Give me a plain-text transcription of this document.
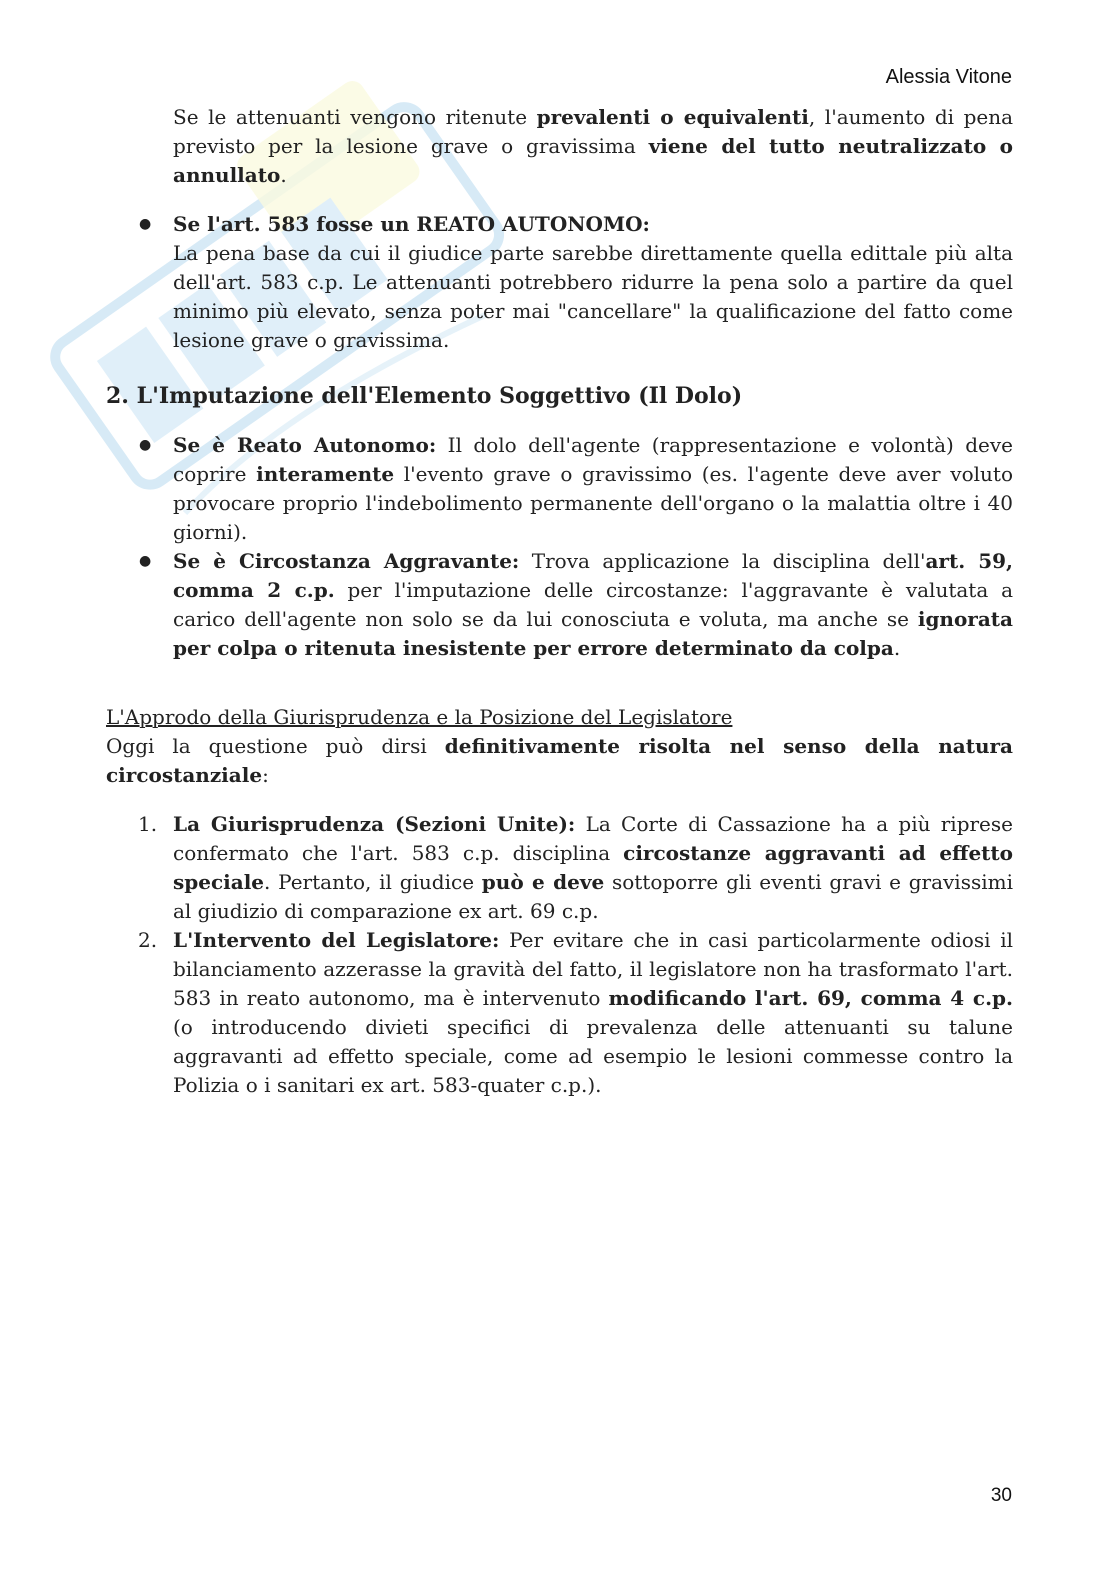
Alessia Vitone

Se le attenuanti vengono ritenute prevalenti o equivalenti, l'aumento di pena previsto per la lesione grave o gravissima viene del tutto neutralizzato o annullato.

● Se l'art. 583 fosse un REATO AUTONOMO:
La pena base da cui il giudice parte sarebbe direttamente quella edittale più alta dell'art. 583 c.p. Le attenuanti potrebbero ridurre la pena solo a partire da quel minimo più elevato, senza poter mai "cancellare" la qualificazione del fatto come lesione grave o gravissima.
2. L'Imputazione dell'Elemento Soggettivo (Il Dolo)
● Se è Reato Autonomo: Il dolo dell'agente (rappresentazione e volontà) deve coprire interamente l'evento grave o gravissimo (es. l'agente deve aver voluto provocare proprio l'indebolimento permanente dell'organo o la malattia oltre i 40 giorni).
● Se è Circostanza Aggravante: Trova applicazione la disciplina dell'art. 59, comma 2 c.p. per l'imputazione delle circostanze: l'aggravante è valutata a carico dell'agente non solo se da lui conosciuta e voluta, ma anche se ignorata per colpa o ritenuta inesistente per errore determinato da colpa.

L'Approdo della Giurisprudenza e la Posizione del Legislatore

Oggi la questione può dirsi definitivamente risolta nel senso della natura circostanziale:

1. La Giurisprudenza (Sezioni Unite): La Corte di Cassazione ha a più riprese confermato che l'art. 583 c.p. disciplina circostanze aggravanti ad effetto speciale. Pertanto, il giudice può e deve sottoporre gli eventi gravi e gravissimi al giudizio di comparazione ex art. 69 c.p.
2. L'Intervento del Legislatore: Per evitare che in casi particolarmente odiosi il bilanciamento azzerasse la gravità del fatto, il legislatore non ha trasformato l'art. 583 in reato autonomo, ma è intervenuto modificando l'art. 69, comma 4 c.p. (o introducendo divieti specifici di prevalenza delle attenuanti su talune aggravanti ad effetto speciale, come ad esempio le lesioni commesse contro la Polizia o i sanitari ex art. 583-quater c.p.).
30
